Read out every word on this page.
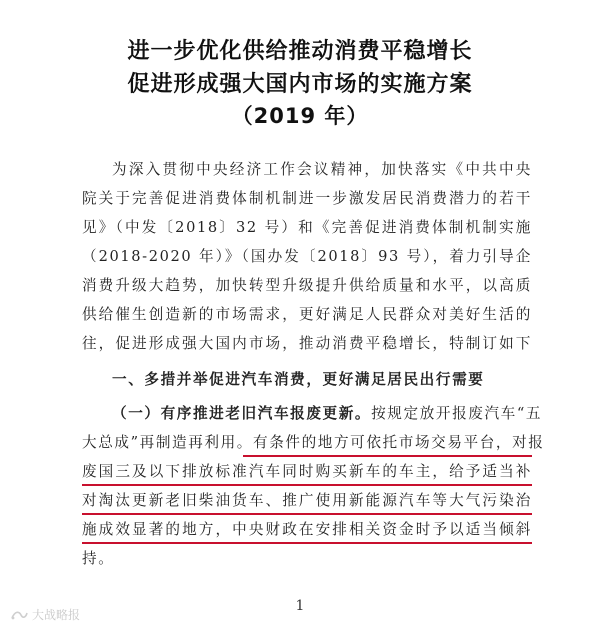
进一步优化供给推动消费平稳增长
促进形成强大国内市场的实施方案
（2019 年）
为深入贯彻中央经济工作会议精神，加快落实《中共中央
院关于完善促进消费体制机制进一步激发居民消费潜力的若干
见》（中发〔2018〕32 号）和《完善促进消费体制机制实施
（2018-2020 年）》（国办发〔2018〕93 号），着力引导企
消费升级大趋势，加快转型升级提升供给质量和水平，以高质
供给催生创造新的市场需求，更好满足人民群众对美好生活的
往，促进形成强大国内市场，推动消费平稳增长，特制订如下
一、多措并举促进汽车消费，更好满足居民出行需要
（一）有序推进老旧汽车报废更新。按规定放开报废汽车“五
大总成”再制造再利用。有条件的地方可依托市场交易平台，对报
废国三及以下排放标准汽车同时购买新车的车主，给予适当补
对淘汰更新老旧柴油货车、推广使用新能源汽车等大气污染治
施成效显著的地方，中央财政在安排相关资金时予以适当倾斜
持。
1
大战略报
